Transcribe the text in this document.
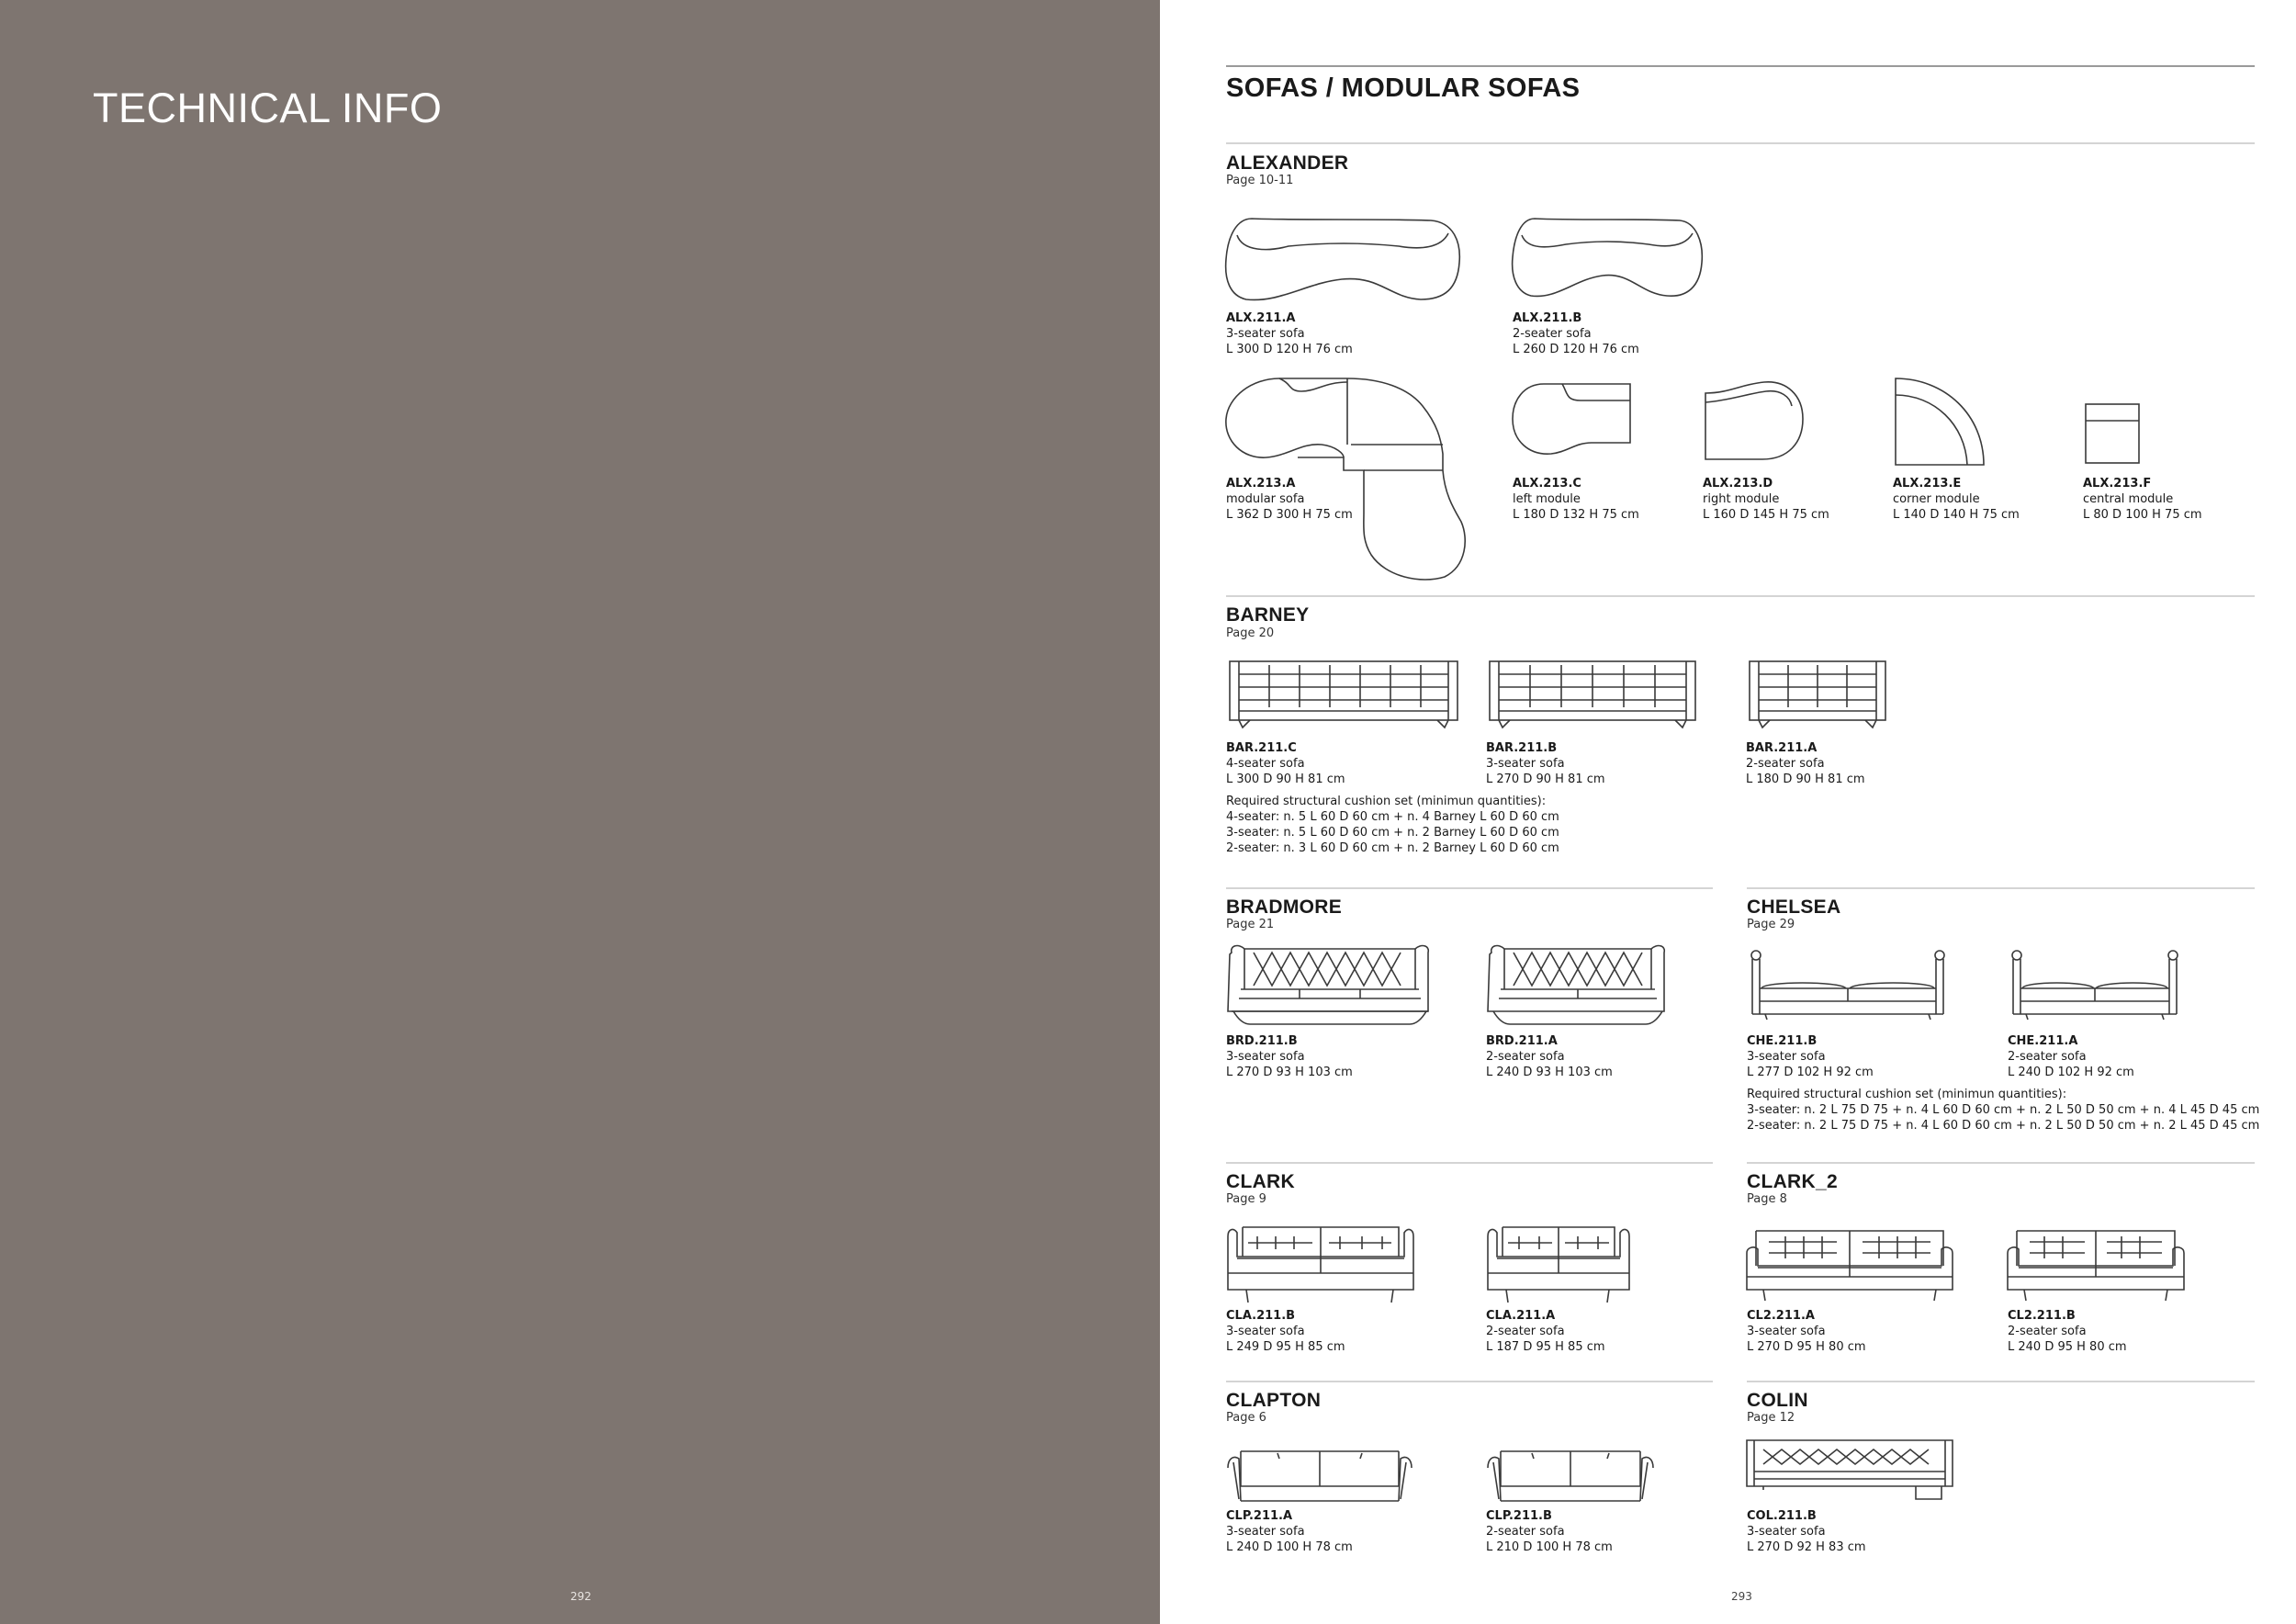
TECHNICAL INFO
292
SOFAS / MODULAR SOFAS
ALEXANDER
Page 10-11
ALX.211.A
3-seater sofa
L 300 D 120 H 76 cm
ALX.211.B
2-seater sofa
L 260 D 120 H 76 cm
ALX.213.A
modular sofa
L 362 D 300 H 75 cm
ALX.213.C
left module
L 180 D 132 H 75 cm
ALX.213.D
right module
L 160 D 145 H 75 cm
ALX.213.E
corner module
L 140 D 140 H 75 cm
ALX.213.F
central module
L 80 D 100 H 75 cm
BARNEY
Page 20
BAR.211.C
4-seater sofa
L 300 D 90 H 81 cm
BAR.211.B
3-seater sofa
L 270 D 90 H 81 cm
BAR.211.A
2-seater sofa
L 180 D 90 H 81 cm
Required structural cushion set (minimun quantities):
4-seater: n. 5 L 60 D 60 cm + n. 4 Barney L 60 D 60 cm
3-seater: n. 5 L 60 D 60 cm + n. 2 Barney L 60 D 60 cm
2-seater: n. 3 L 60 D 60 cm + n. 2 Barney L 60 D 60 cm
BRADMORE
Page 21
BRD.211.B
3-seater sofa
L 270 D 93 H 103 cm
BRD.211.A
2-seater sofa
L 240 D 93 H 103 cm
CHELSEA
Page 29
CHE.211.B
3-seater sofa
L 277 D 102 H 92 cm
CHE.211.A
2-seater sofa
L 240 D 102 H 92 cm
Required structural cushion set (minimun quantities):
3-seater: n. 2 L 75 D 75 + n. 4 L 60 D 60 cm + n. 2 L 50 D 50 cm + n. 4 L 45 D 45 cm
2-seater: n. 2 L 75 D 75 + n. 4 L 60 D 60 cm + n. 2 L 50 D 50 cm + n. 2 L 45 D 45 cm
CLARK
Page 9
CLA.211.B
3-seater sofa
L 249 D 95 H 85 cm
CLA.211.A
2-seater sofa
L 187 D 95 H 85 cm
CLARK_2
Page 8
CL2.211.A
3-seater sofa
L 270 D 95 H 80 cm
CL2.211.B
2-seater sofa
L 240 D 95 H 80 cm
CLAPTON
Page 6
CLP.211.A
3-seater sofa
L 240 D 100 H 78 cm
CLP.211.B
2-seater sofa
L 210 D 100 H 78 cm
COLIN
Page 12
COL.211.B
3-seater sofa
L 270 D 92 H 83 cm
293
